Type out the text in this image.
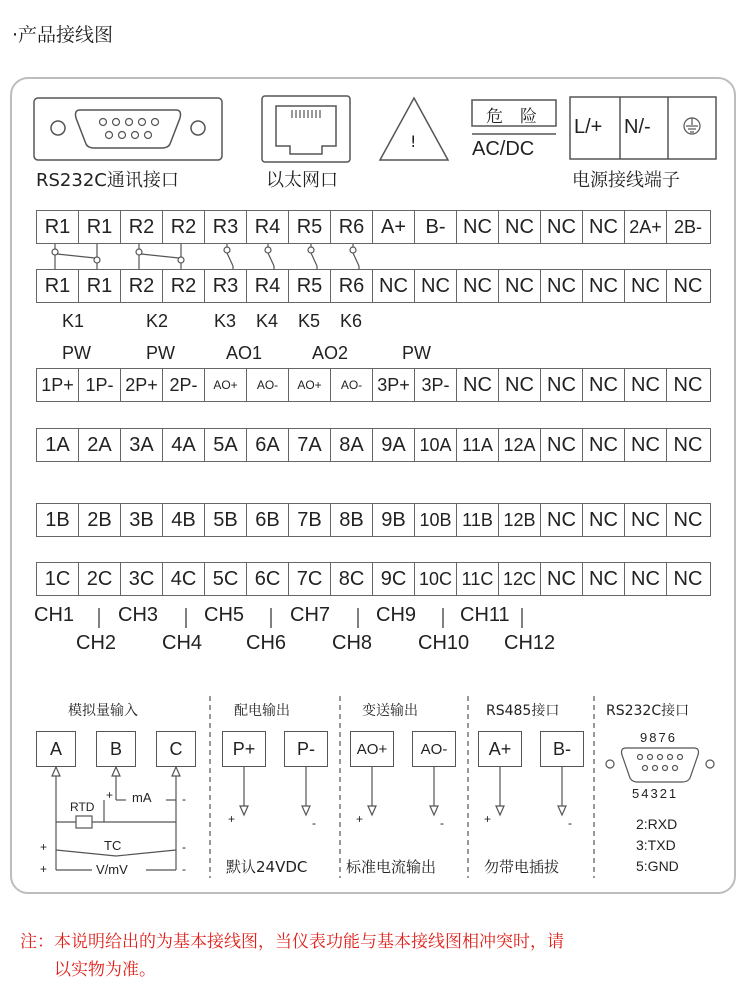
·产品接线图
RS232C通讯接口	以太网口
!
危　险
AC/DC
L/+ N/-
电源接线端子
R1 R1 R2 R2 R3 R4 R5 R6 A+ B- NC NC NC NC 2A+ 2B-
R1 R1 R2 R2 R3 R4 R5 R6 NC NC NC NC NC NC NC NC
1P+ 1P- 2P+ 2P-	AO+	AO-	AO+	AO- 3P+ 3P- NC NC NC NC NC NC
1A 2A 3A 4A 5A 6A 7A 8A 9A 10A 11A 12A NC NC NC NC
1B 2B 3B 4B 5B 6B 7B 8B 9B 10B 11B 12B NC NC NC NC
1C 2C 3C 4C 5C 6C 7C 8C 9C 10C 11C 12C NC NC NC NC
K1	K2	K3 K4 K5 K6
PW	PW	AO1	AO2	PW
CH1 CH3 CH5 CH7 CH9 CH11
CH2 CH4 CH6 CH8 CH10 CH12
模拟量输入	配电输出	变送输出	RS485接口	RS232C接口
A	B	C	P+	P-	AO+	AO-	A+	B-
RTD
mA
+
TC
V/mV
+
+
-
-
-
+	-	+	-	+	-
默认24VDC	标准电流输出	勿带电插拔
9876
54321
2:RXD
3:TXD
5:GND
注：本说明给出的为基本接线图，当仪表功能与基本接线图相冲突时，请
以实物为准。
